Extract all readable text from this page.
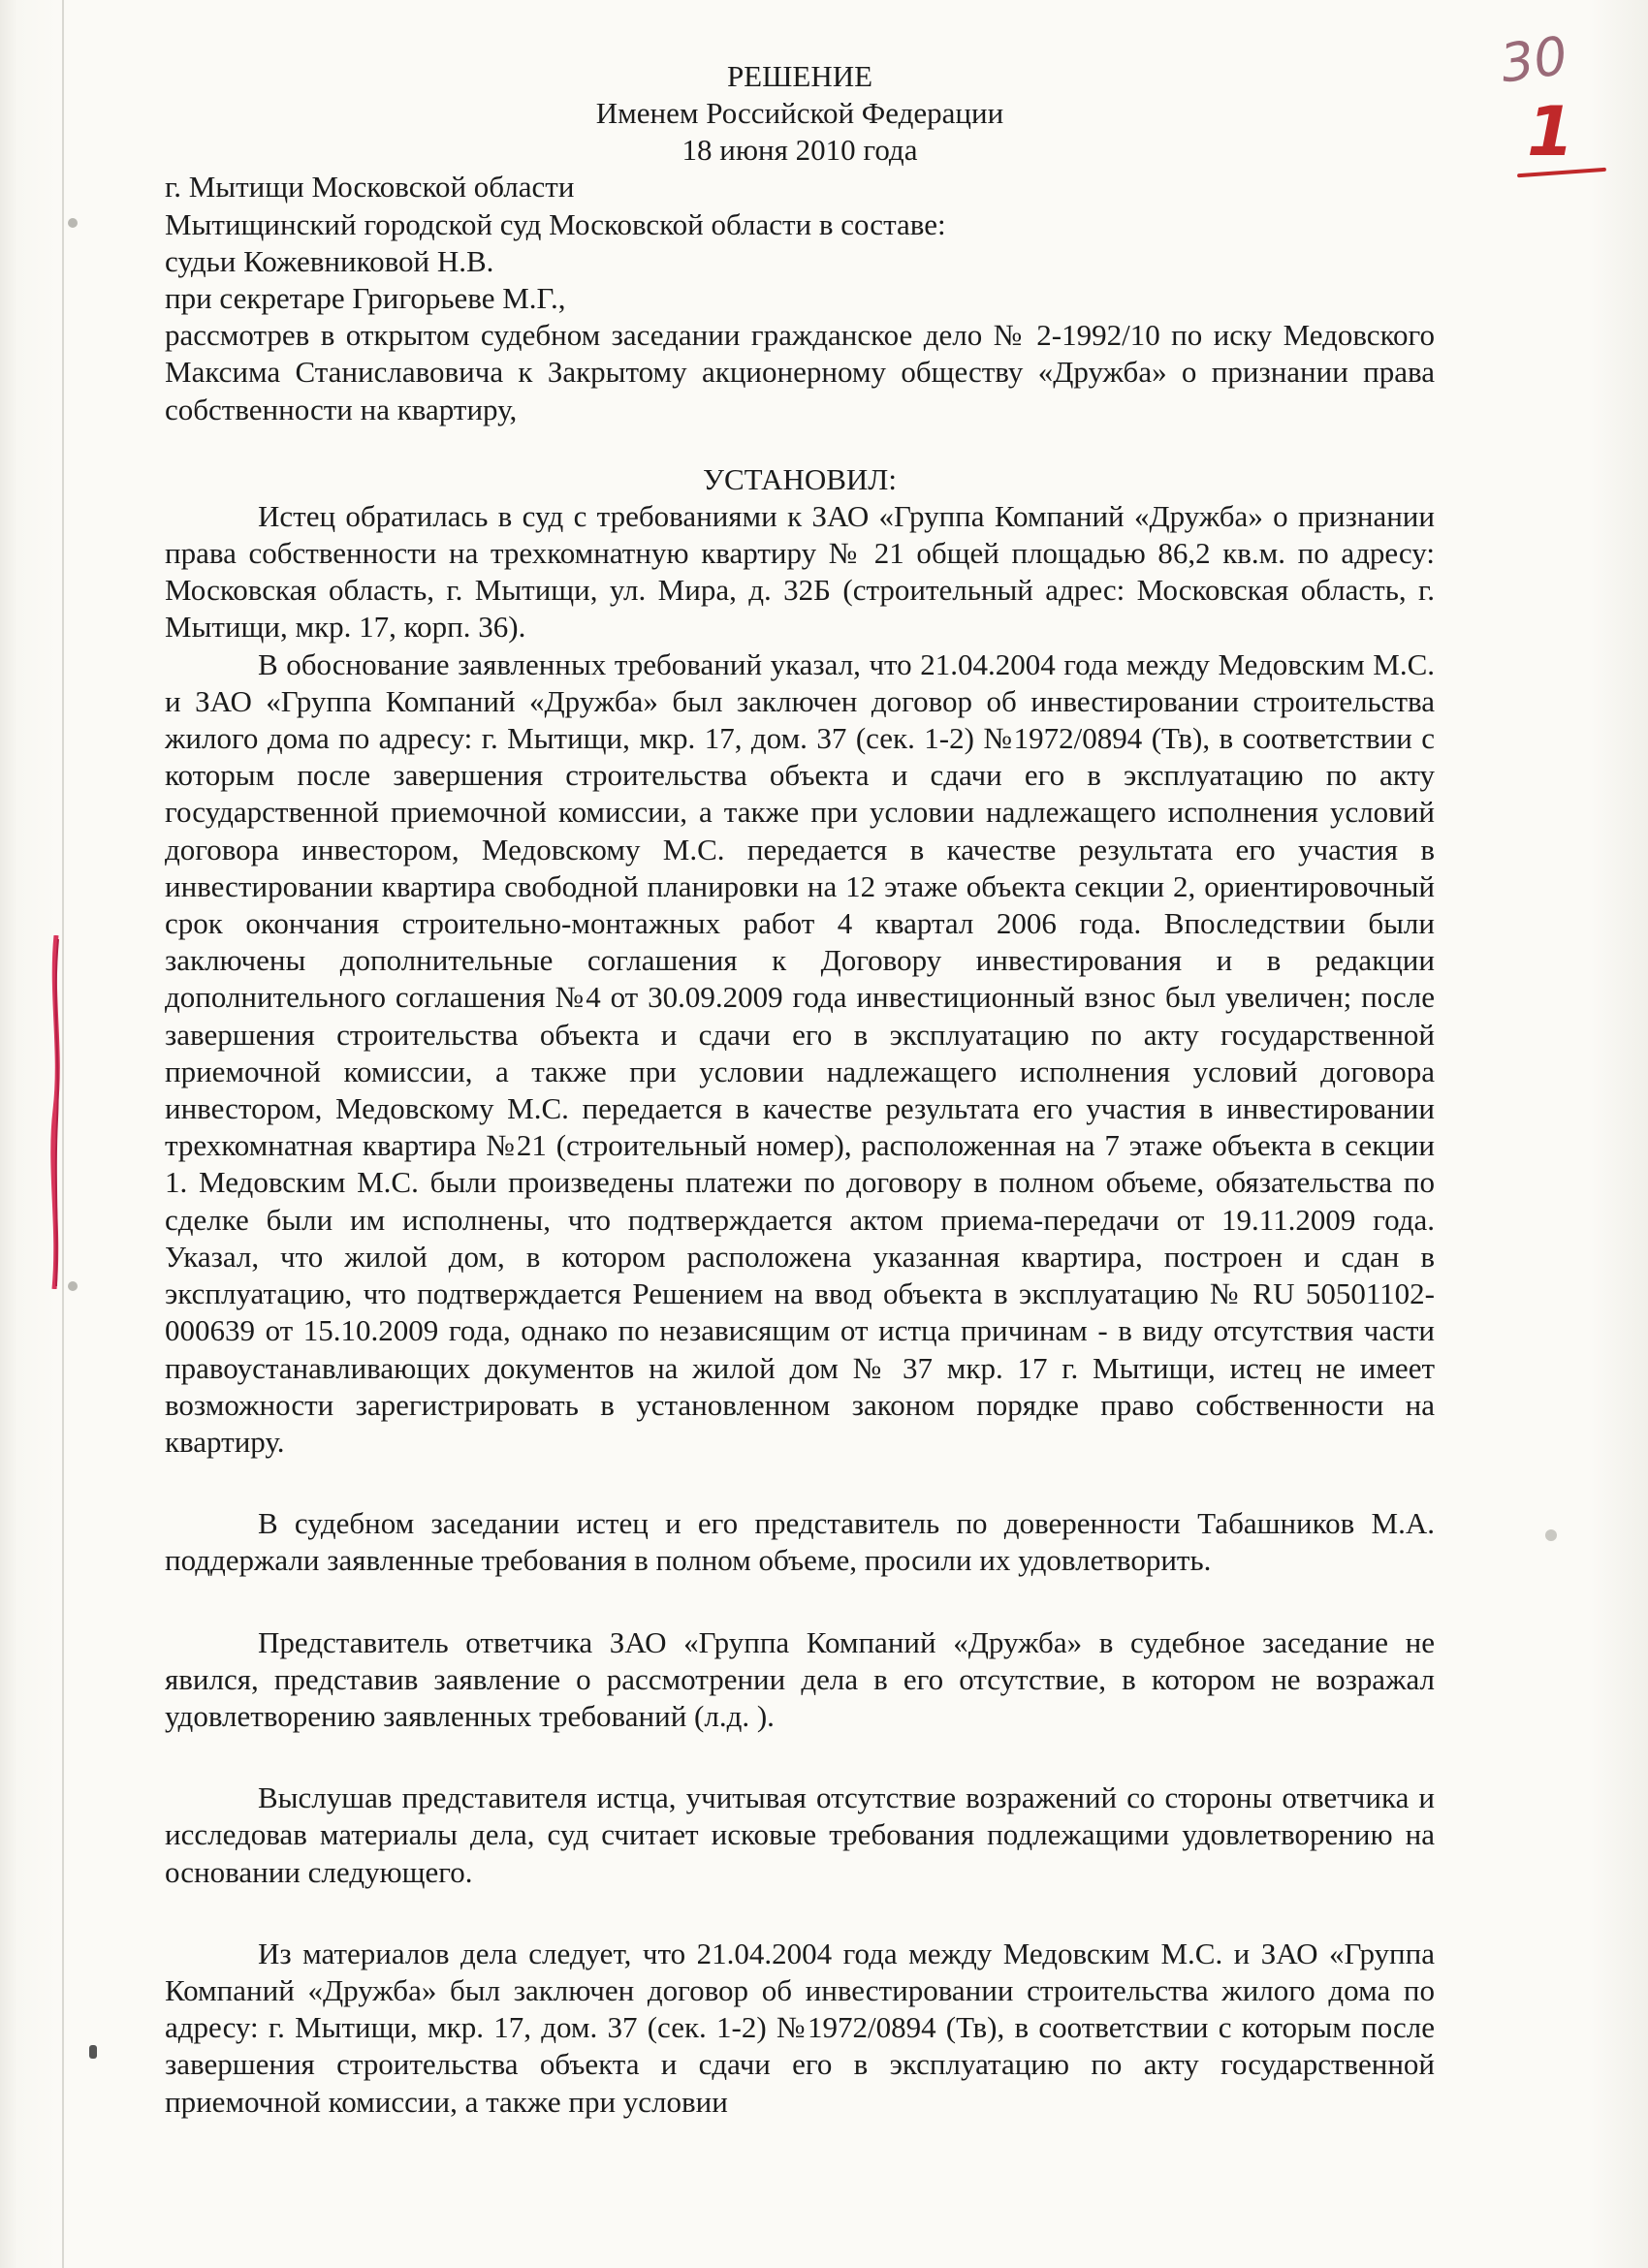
30
1
РЕШЕНИЕ

Именем Российской Федерации

18 июня 2010 года

г. Мытищи Московской области

Мытищинский городской суд Московской области в составе:

судьи Кожевниковой Н.В.

при секретаре Григорьеве М.Г.,

рассмотрев в открытом судебном заседании гражданское дело № 2-1992/10 по иску Медовского Максима Станиславовича к Закрытому акционерному обществу «Дружба» о признании права собственности на квартиру,

УСТАНОВИЛ:

Истец обратилась в суд с требованиями к ЗАО «Группа Компаний «Дружба» о признании права собственности на трехкомнатную квартиру № 21 общей площадью 86,2 кв.м. по адресу: Московская область, г. Мытищи, ул. Мира, д. 32Б (строительный адрес: Московская область, г. Мытищи, мкр. 17, корп. 36).

В обоснование заявленных требований указал, что 21.04.2004 года между Медовским М.С. и ЗАО «Группа Компаний «Дружба» был заключен договор об инвестировании строительства жилого дома по адресу: г. Мытищи, мкр. 17, дом. 37 (сек. 1-2) №1972/0894 (Тв), в соответствии с которым после завершения строительства объекта и сдачи его в эксплуатацию по акту государственной приемочной комиссии, а также при условии надлежащего исполнения условий договора инвестором, Медовскому М.С. передается в качестве результата его участия в инвестировании квартира свободной планировки на 12 этаже объекта секции 2, ориентировочный срок окончания строительно-монтажных работ 4 квартал 2006 года. Впоследствии были заключены дополнительные соглашения к Договору инвестирования и в редакции дополнительного соглашения №4 от 30.09.2009 года инвестиционный взнос был увеличен; после завершения строительства объекта и сдачи его в эксплуатацию по акту государственной приемочной комиссии, а также при условии надлежащего исполнения условий договора инвестором, Медовскому М.С. передается в качестве результата его участия в инвестировании трехкомнатная квартира №21 (строительный номер), расположенная на 7 этаже объекта в секции 1. Медовским М.С. были произведены платежи по договору в полном объеме, обязательства по сделке были им исполнены, что подтверждается актом приема-передачи от 19.11.2009 года. Указал, что жилой дом, в котором расположена указанная квартира, построен и сдан в эксплуатацию, что подтверждается Решением на ввод объекта в эксплуатацию № RU 50501102-000639 от 15.10.2009 года, однако по независящим от истца причинам - в виду отсутствия части правоустанавливающих документов на жилой дом № 37 мкр. 17 г. Мытищи, истец не имеет возможности зарегистрировать в установленном законом порядке право собственности на квартиру.

В судебном заседании истец и его представитель по доверенности Табашников М.А. поддержали заявленные требования в полном объеме, просили их удовлетворить.

Представитель ответчика ЗАО «Группа Компаний «Дружба» в судебное заседание не явился, представив заявление о рассмотрении дела в его отсутствие, в котором не возражал удовлетворению заявленных требований (л.д. ).

Выслушав представителя истца, учитывая отсутствие возражений со стороны ответчика и исследовав материалы дела, суд считает исковые требования подлежащими удовлетворению на основании следующего.

Из материалов дела следует, что 21.04.2004 года между Медовским М.С. и ЗАО «Группа Компаний «Дружба» был заключен договор об инвестировании строительства жилого дома по адресу: г. Мытищи, мкр. 17, дом. 37 (сек. 1-2) №1972/0894 (Тв), в соответствии с которым после завершения строительства объекта и сдачи его в эксплуатацию по акту государственной приемочной комиссии, а также при условии
